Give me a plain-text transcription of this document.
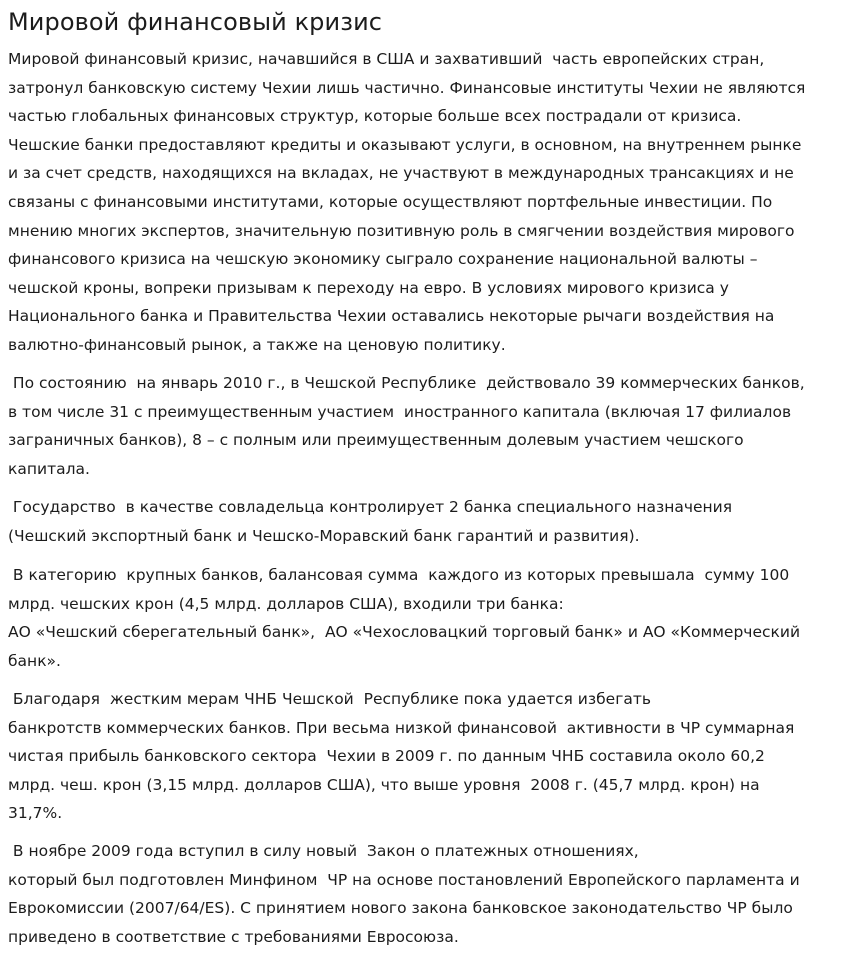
Мировой финансовый кризис

Мировой финансовый кризис, начавшийся в США и захвативший  часть европейских стран,
затронул банковскую систему Чехии лишь частично. Финансовые институты Чехии не являются
частью глобальных финансовых структур, которые больше всех пострадали от кризиса.
Чешские банки предоставляют кредиты и оказывают услуги, в основном, на внутреннем рынке
и за счет средств, находящихся на вкладах, не участвуют в международных трансакциях и не
связаны с финансовыми институтами, которые осуществляют портфельные инвестиции. По
мнению многих экспертов, значительную позитивную роль в смягчении воздействия мирового
финансового кризиса на чешскую экономику сыграло сохранение национальной валюты –
чешской кроны, вопреки призывам к переходу на евро. В условиях мирового кризиса у
Национального банка и Правительства Чехии оставались некоторые рычаги воздействия на
валютно-финансовый рынок, а также на ценовую политику.

По состоянию  на январь 2010 г., в Чешской Республике  действовало 39 коммерческих банков,
в том числе 31 с преимущественным участием  иностранного капитала (включая 17 филиалов
заграничных банков), 8 – с полным или преимущественным долевым участием чешского
капитала.

Государство  в качестве совладельца контролирует 2 банка специального назначения
(Чешский экспортный банк и Чешско-Моравский банк гарантий и развития).

В категорию  крупных банков, балансовая сумма  каждого из которых превышала  сумму 100
млрд. чешских крон (4,5 млрд. долларов США), входили три банка:
АО «Чешский сберегательный банк»,  АО «Чехословацкий торговый банк» и АО «Коммерческий
банк».

Благодаря  жестким мерам ЧНБ Чешской  Республике пока удается избегать
банкротств коммерческих банков. При весьма низкой финансовой  активности в ЧР суммарная
чистая прибыль банковского сектора  Чехии в 2009 г. по данным ЧНБ составила около 60,2
млрд. чеш. крон (3,15 млрд. долларов США), что выше уровня  2008 г. (45,7 млрд. крон) на
31,7%.

В ноябре 2009 года вступил в силу новый  Закон о платежных отношениях,
который был подготовлен Минфином  ЧР на основе постановлений Европейского парламента и
Еврокомиссии (2007/64/ES). С принятием нового закона банковское законодательство ЧР было
приведено в соответствие с требованиями Евросоюза.
